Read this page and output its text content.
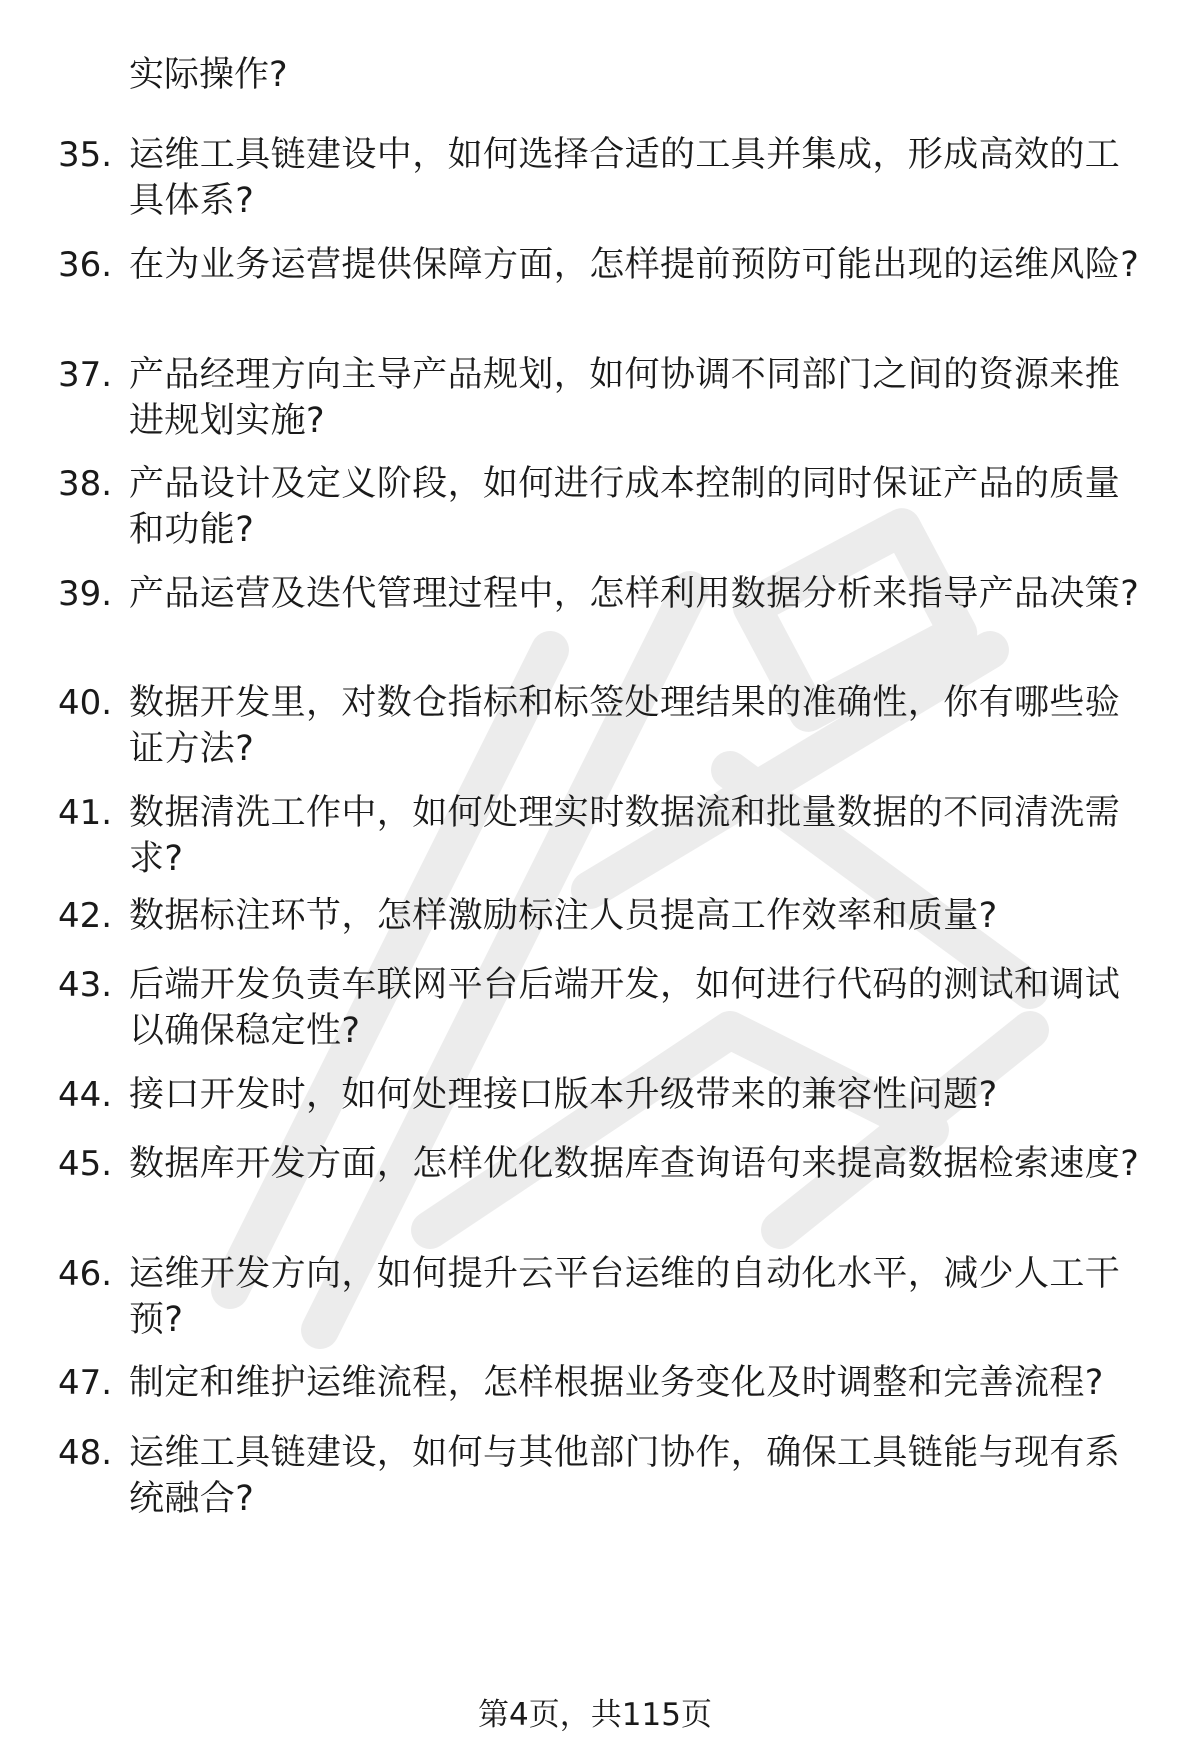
实际操作?
35. 运维工具链建设中，如何选择合适的工具并集成，形成高效的工具体系?
36. 在为业务运营提供保障方面，怎样提前预防可能出现的运维风险?
37. 产品经理方向主导产品规划，如何协调不同部门之间的资源来推进规划实施?
38. 产品设计及定义阶段，如何进行成本控制的同时保证产品的质量和功能?
39. 产品运营及迭代管理过程中，怎样利用数据分析来指导产品决策?
40. 数据开发里，对数仓指标和标签处理结果的准确性，你有哪些验证方法?
41. 数据清洗工作中，如何处理实时数据流和批量数据的不同清洗需求?
42. 数据标注环节，怎样激励标注人员提高工作效率和质量?
43. 后端开发负责车联网平台后端开发，如何进行代码的测试和调试以确保稳定性?
44. 接口开发时，如何处理接口版本升级带来的兼容性问题?
45. 数据库开发方面，怎样优化数据库查询语句来提高数据检索速度?
46. 运维开发方向，如何提升云平台运维的自动化水平，减少人工干预?
47. 制定和维护运维流程，怎样根据业务变化及时调整和完善流程?
48. 运维工具链建设，如何与其他部门协作，确保工具链能与现有系统融合?
第4页，共115页
